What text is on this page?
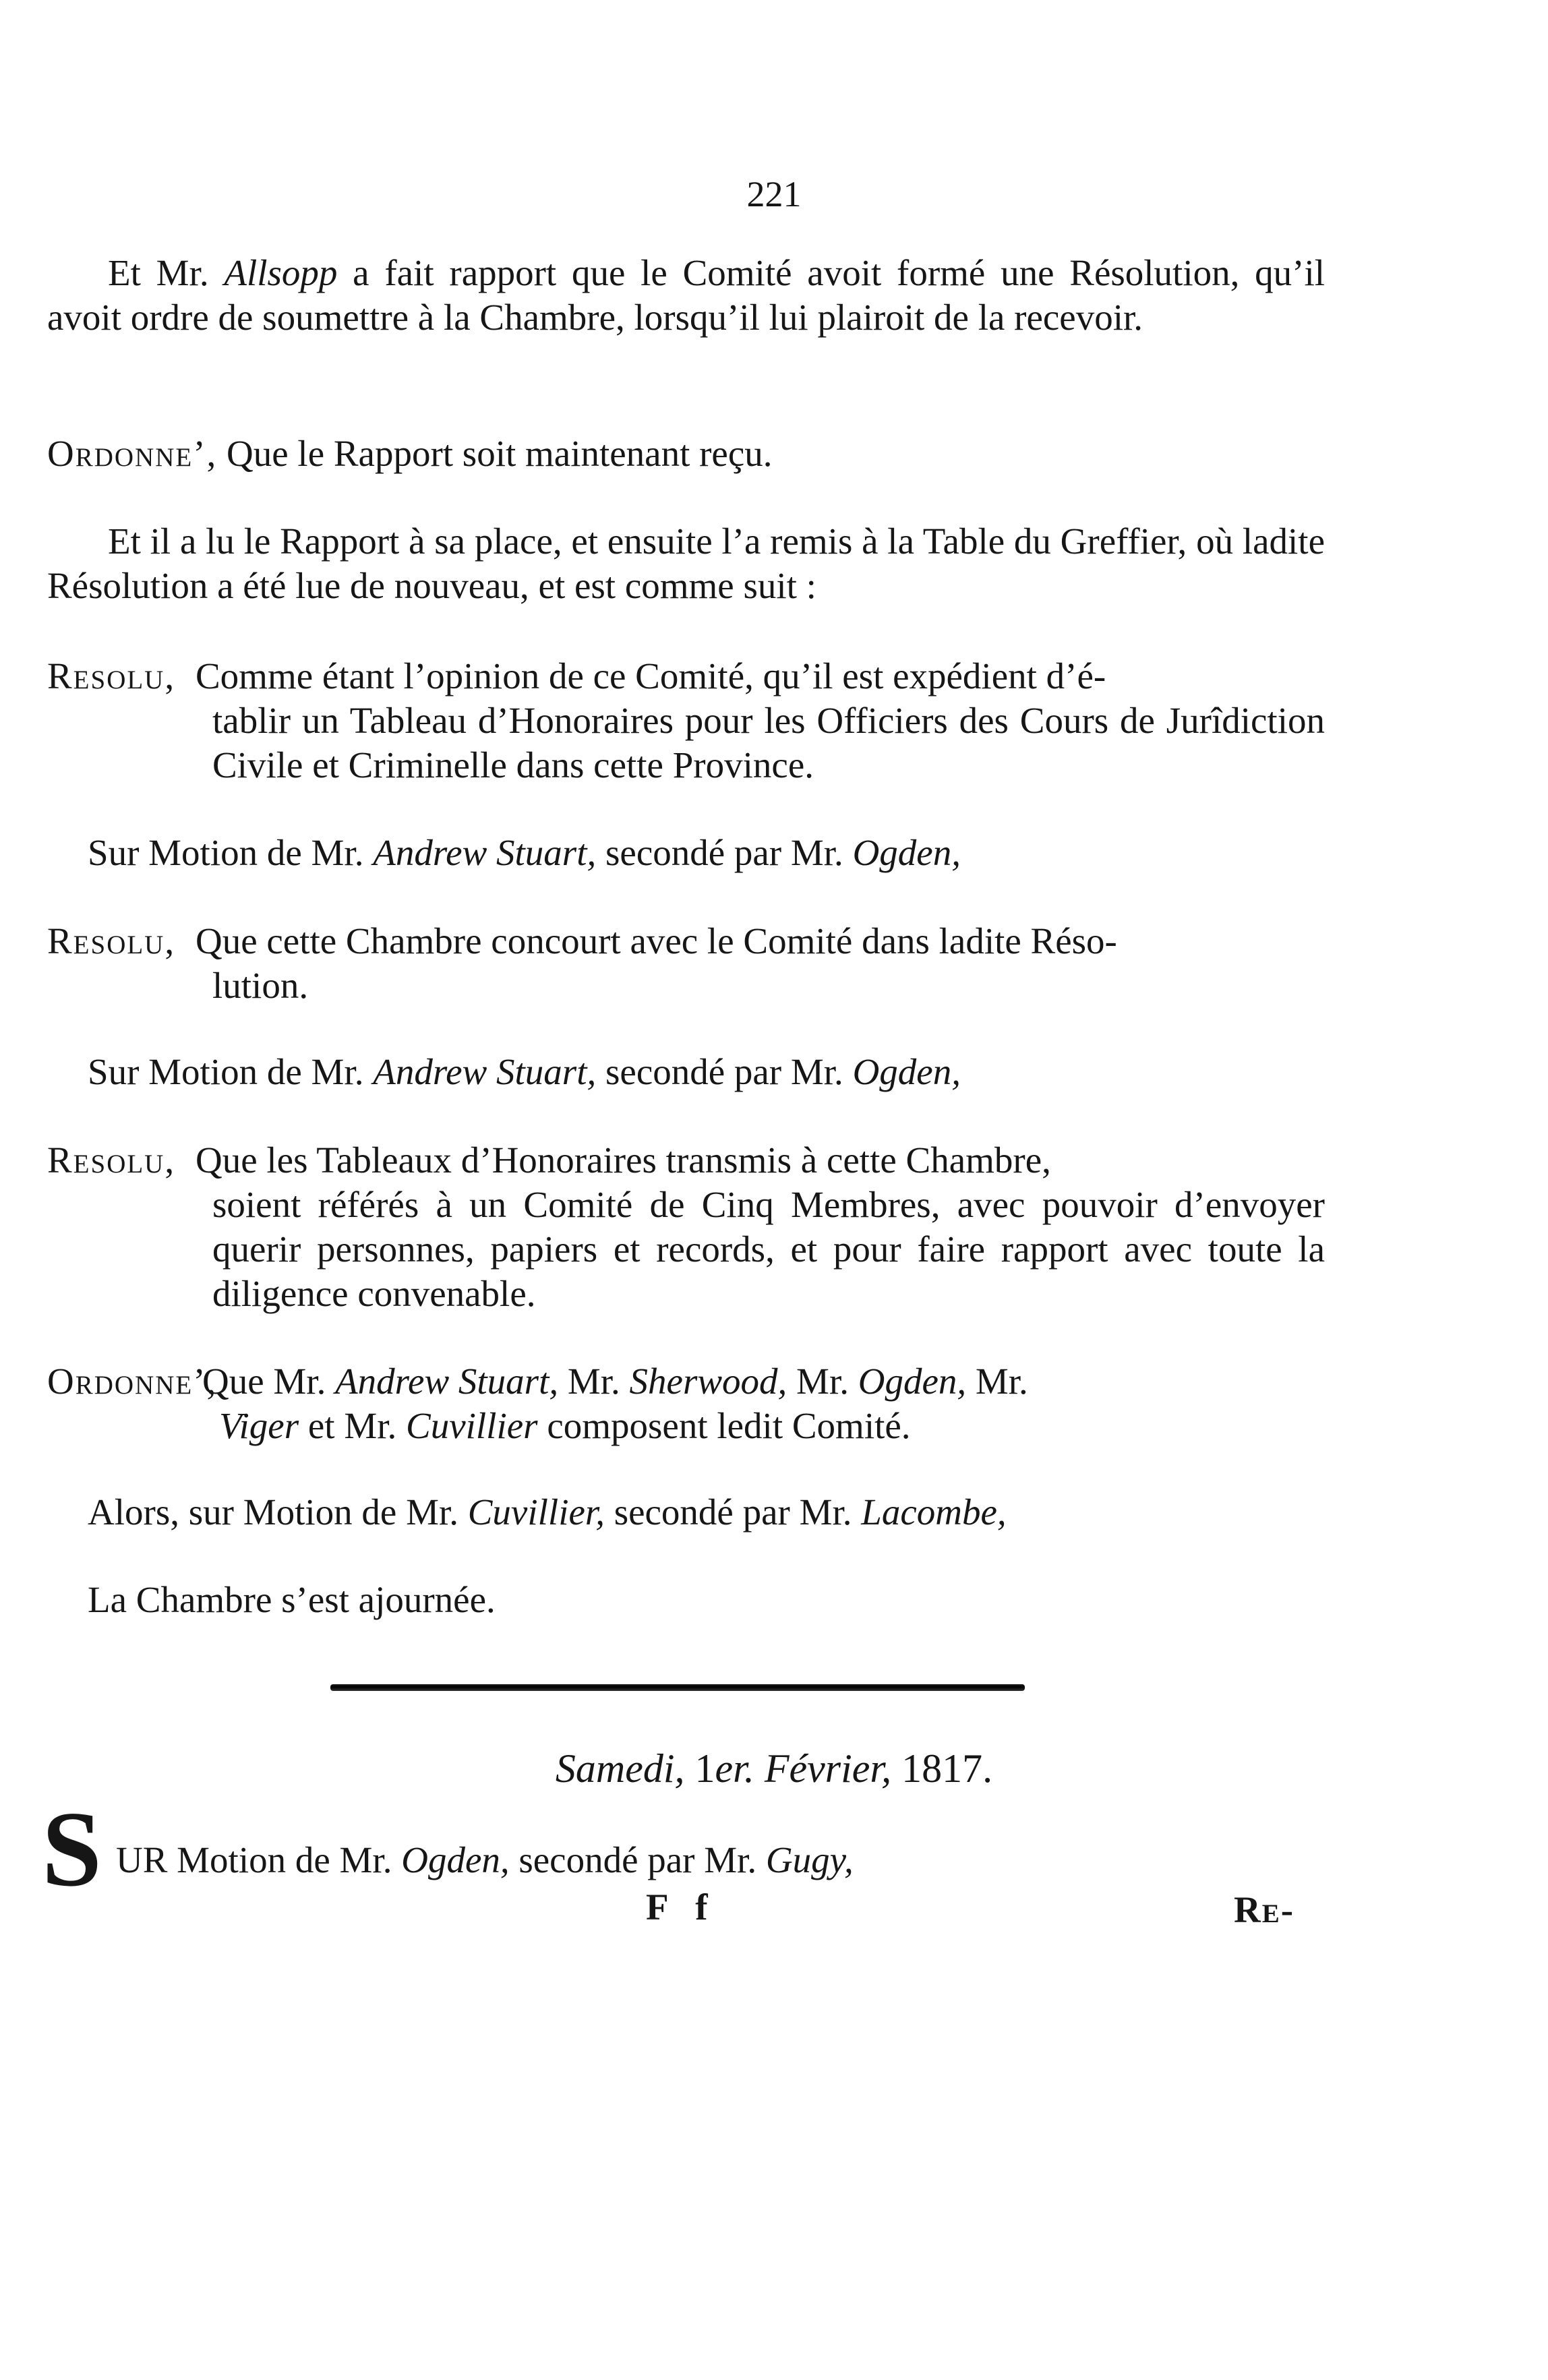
221
Et Mr. Allsopp a fait rapport que le Comité avoit formé une Résolution, qu’il avoit ordre de soumettre à la Chambre, lorsqu’il lui plairoit de la recevoir.
Ordonne’, Que le Rapport soit maintenant reçu.
Et il a lu le Rapport à sa place, et ensuite l’a remis à la Table du Greffier, où ladite Résolution a été lue de nouveau, et est comme suit :
Resolu, Comme étant l’opinion de ce Comité, qu’il est expédient d’é-
tablir un Tableau d’Honoraires pour les Officiers des Cours de Jurîdiction Civile et Criminelle dans cette Province.
Sur Motion de Mr. Andrew Stuart, secondé par Mr. Ogden,
Resolu, Que cette Chambre concourt avec le Comité dans ladite Réso-
lution.
Sur Motion de Mr. Andrew Stuart, secondé par Mr. Ogden,
Resolu, Que les Tableaux d’Honoraires transmis à cette Chambre,
soient référés à un Comité de Cinq Membres, avec pouvoir d’envoyer querir personnes, papiers et records, et pour faire rapport avec toute la diligence convenable.
Ordonne’,
Que Mr. Andrew Stuart, Mr. Sherwood, Mr. Ogden, Mr.
Viger et Mr. Cuvillier composent ledit Comité.
Alors, sur Motion de Mr. Cuvillier, secondé par Mr. Lacombe,
La Chambre s’est ajournée.
Samedi, 1er. Février, 1817.
S UR Motion de Mr. Ogden, secondé par Mr. Gugy,
F f	Re-
